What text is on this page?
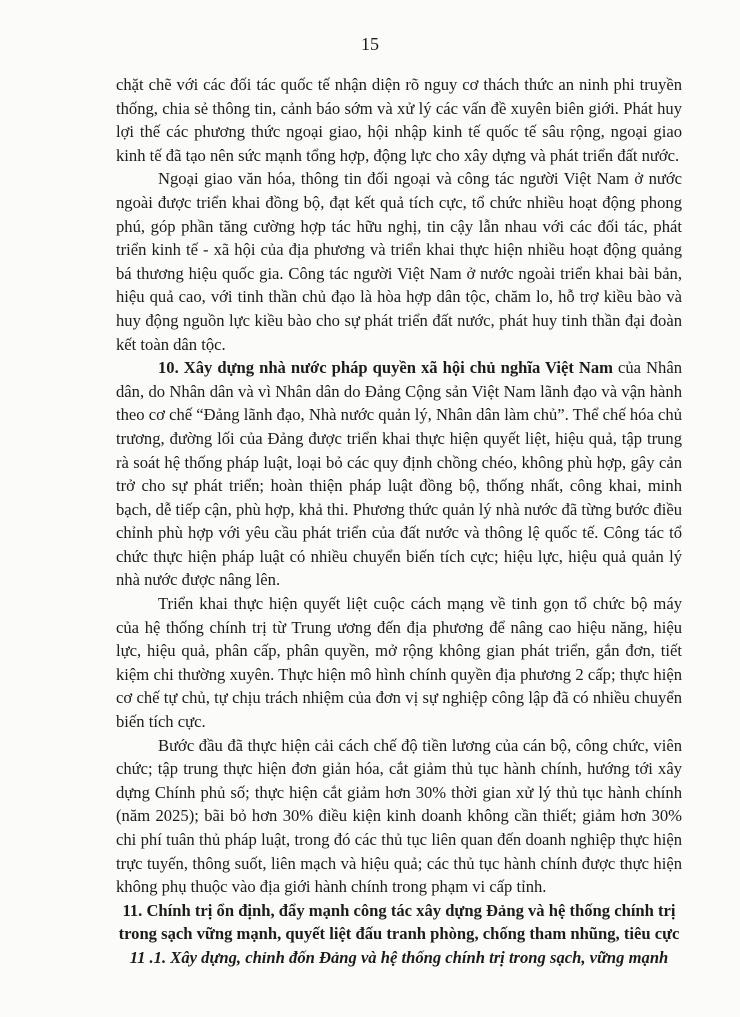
15

chặt chẽ với các đối tác quốc tế nhận diện rõ nguy cơ thách thức an ninh phi truyền thống, chia sẻ thông tin, cảnh báo sớm và xử lý các vấn đề xuyên biên giới. Phát huy lợi thế các phương thức ngoại giao, hội nhập kinh tế quốc tế sâu rộng, ngoại giao kinh tế đã tạo nên sức mạnh tổng hợp, động lực cho xây dựng và phát triển đất nước.

Ngoại giao văn hóa, thông tin đối ngoại và công tác người Việt Nam ở nước ngoài được triển khai đồng bộ, đạt kết quả tích cực, tổ chức nhiều hoạt động phong phú, góp phần tăng cường hợp tác hữu nghị, tin cậy lẫn nhau với các đối tác, phát triển kinh tế - xã hội của địa phương và triển khai thực hiện nhiều hoạt động quảng bá thương hiệu quốc gia. Công tác người Việt Nam ở nước ngoài triển khai bài bản, hiệu quả cao, với tinh thần chủ đạo là hòa hợp dân tộc, chăm lo, hỗ trợ kiều bào và huy động nguồn lực kiều bào cho sự phát triển đất nước, phát huy tinh thần đại đoàn kết toàn dân tộc.

10. Xây dựng nhà nước pháp quyền xã hội chủ nghĩa Việt Nam của Nhân dân, do Nhân dân và vì Nhân dân do Đảng Cộng sản Việt Nam lãnh đạo và vận hành theo cơ chế “Đảng lãnh đạo, Nhà nước quản lý, Nhân dân làm chủ”. Thể chế hóa chủ trương, đường lối của Đảng được triển khai thực hiện quyết liệt, hiệu quả, tập trung rà soát hệ thống pháp luật, loại bỏ các quy định chồng chéo, không phù hợp, gây cản trở cho sự phát triển; hoàn thiện pháp luật đồng bộ, thống nhất, công khai, minh bạch, dễ tiếp cận, phù hợp, khả thi. Phương thức quản lý nhà nước đã từng bước điều chỉnh phù hợp với yêu cầu phát triển của đất nước và thông lệ quốc tế. Công tác tổ chức thực hiện pháp luật có nhiều chuyển biến tích cực; hiệu lực, hiệu quả quản lý nhà nước được nâng lên.

Triển khai thực hiện quyết liệt cuộc cách mạng về tinh gọn tổ chức bộ máy của hệ thống chính trị từ Trung ương đến địa phương để nâng cao hiệu năng, hiệu lực, hiệu quả, phân cấp, phân quyền, mở rộng không gian phát triển, gắn đơn, tiết kiệm chi thường xuyên. Thực hiện mô hình chính quyền địa phương 2 cấp; thực hiện cơ chế tự chủ, tự chịu trách nhiệm của đơn vị sự nghiệp công lập đã có nhiều chuyển biến tích cực.

Bước đầu đã thực hiện cải cách chế độ tiền lương của cán bộ, công chức, viên chức; tập trung thực hiện đơn giản hóa, cắt giảm thủ tục hành chính, hướng tới xây dựng Chính phủ số; thực hiện cắt giảm hơn 30% thời gian xử lý thủ tục hành chính (năm 2025); bãi bỏ hơn 30% điều kiện kinh doanh không cần thiết; giảm hơn 30% chi phí tuân thủ pháp luật, trong đó các thủ tục liên quan đến doanh nghiệp thực hiện trực tuyến, thông suốt, liên mạch và hiệu quả; các thủ tục hành chính được thực hiện không phụ thuộc vào địa giới hành chính trong phạm vi cấp tỉnh.

11. Chính trị ổn định, đẩy mạnh công tác xây dựng Đảng và hệ thống chính trị trong sạch vững mạnh, quyết liệt đấu tranh phòng, chống tham nhũng, tiêu cực

11 .1. Xây dựng, chỉnh đốn Đảng và hệ thống chính trị trong sạch, vững mạnh
